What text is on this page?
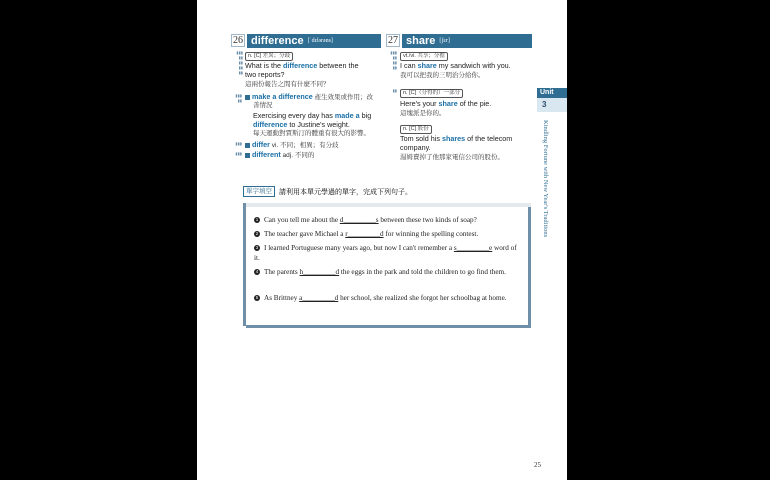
26 difference [ˈdɪfərəns]
▮▮▮
▮▮
▮▮
▮▮
▮▮
n. [C] 差異；分歧
What is the difference between the
two reports?
這兩份報告之間有什麼不同？
▮▮▮
▮▮	make a difference 產生效果或作用；改
善情況
Exercising every day has made a big
difference to Justine's weight.
每天運動對賈斯汀的體重有很大的影響。
▮▮▮	differ vi. 不同；相異；有分歧
▮▮▮	different adj. 不同的
27 share [ʃɛr]
▮▮▮
▮▮
▮▮
▮▮
vt./vi. 共享；分擔
I can share my sandwich with you.
我可以把我的三明治分給你。
▮▮	n. [C]（分得的）一部分
Here's your share of the pie.
這塊派是你的。
n. [C] 股份
Tom sold his shares of the telecom
company.
湯姆賣掉了他那家電信公司的股份。
Unit
3
Kindling Fortune with New Year's Traditions
單字填空	請利用本單元學過的單字，完成下列句子。
1 Can you tell me about the d_________s between these two kinds of soap?
2 The teacher gave Michael a r_________d for winning the spelling contest.
3 I learned Portuguese many years ago, but now I can't remember a s_________e word of it.
4 The parents h_________d the eggs in the park and told the children to go find them.
5 As Brittney a_________d her school, she realized she forgot her schoolbag at home.
25
